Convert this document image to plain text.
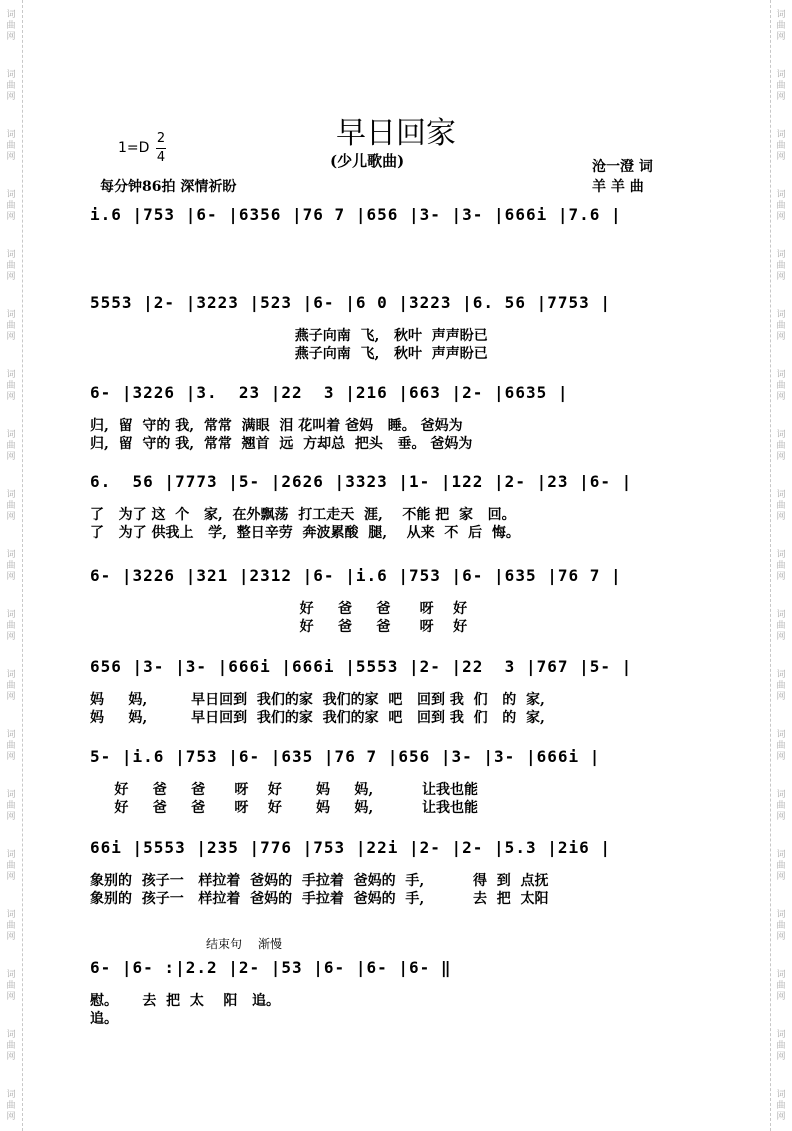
词
曲
网
词
曲
网
词
曲
网
词
曲
网
词
曲
网
词
曲
网
词
曲
网
词
曲
网
词
曲
网
词
曲
网
词
曲
网
词
曲
网
词
曲
网
词
曲
网
词
曲
网
词
曲
网
词
曲
网
词
曲
网
词
曲
网
词
曲
网
词
曲
网
词
曲
网
词
曲
网
词
曲
网
词
曲
网
词
曲
网
词
曲
网
词
曲
网
词
曲
网
词
曲
网
词
曲
网
词
曲
网
词
曲
网
词
曲
网
词
曲
网
词
曲
网
词
曲
网
词
曲
网
早日回家
(少儿歌曲)
1=D
2
4
每分钟86拍 深情祈盼
沧一澄 词
羊 羊 曲
结束句 渐慢
i.6 |753 |6- |6356 |76 7 |656 |3- |3- |666i |7.6 |
5553 |2- |3223 |523 |6- |6 0 |3223 |6. 56 |7753 |
燕子向南  飞,   秋叶  声声盼已
燕子向南  飞,   秋叶  声声盼已
6- |3226 |3.  23 |22  3 |216 |663 |2- |6635 |
归,  留  守的 我,  常常  满眼  泪 花叫着 爸妈   睡。 爸妈为
归,  留  守的 我,  常常  翘首  远  方却总  把头   垂。 爸妈为
6.  56 |7773 |5- |2626 |3323 |1- |122 |2- |23 |6- |
了   为了 这  个   家,  在外飘荡  打工走天  涯,    不能 把  家   回。
了   为了 供我上   学,  整日辛劳  奔波累酸  腿,    从来  不  后  悔。
6- |3226 |321 |2312 |6- |i.6 |753 |6- |635 |76 7 |
好     爸     爸      呀    好
好     爸     爸      呀    好
656 |3- |3- |666i |666i |5553 |2- |22  3 |767 |5- |
妈     妈,         早日回到  我们的家  我们的家  吧   回到 我  们   的  家,
妈     妈,         早日回到  我们的家  我们的家  吧   回到 我  们   的  家,
5- |i.6 |753 |6- |635 |76 7 |656 |3- |3- |666i |
好     爸     爸      呀    好       妈     妈,          让我也能
好     爸     爸      呀    好       妈     妈,          让我也能
66i |5553 |235 |776 |753 |22i |2- |2- |5.3 |2i6 |
象别的  孩子一   样拉着  爸妈的  手拉着  爸妈的  手,          得  到  点抚
象别的  孩子一   样拉着  爸妈的  手拉着  爸妈的  手,          去  把  太阳
6- |6- :|2.2 |2- |53 |6- |6- |6- ‖
慰。     去  把  太    阳   追。
追。
